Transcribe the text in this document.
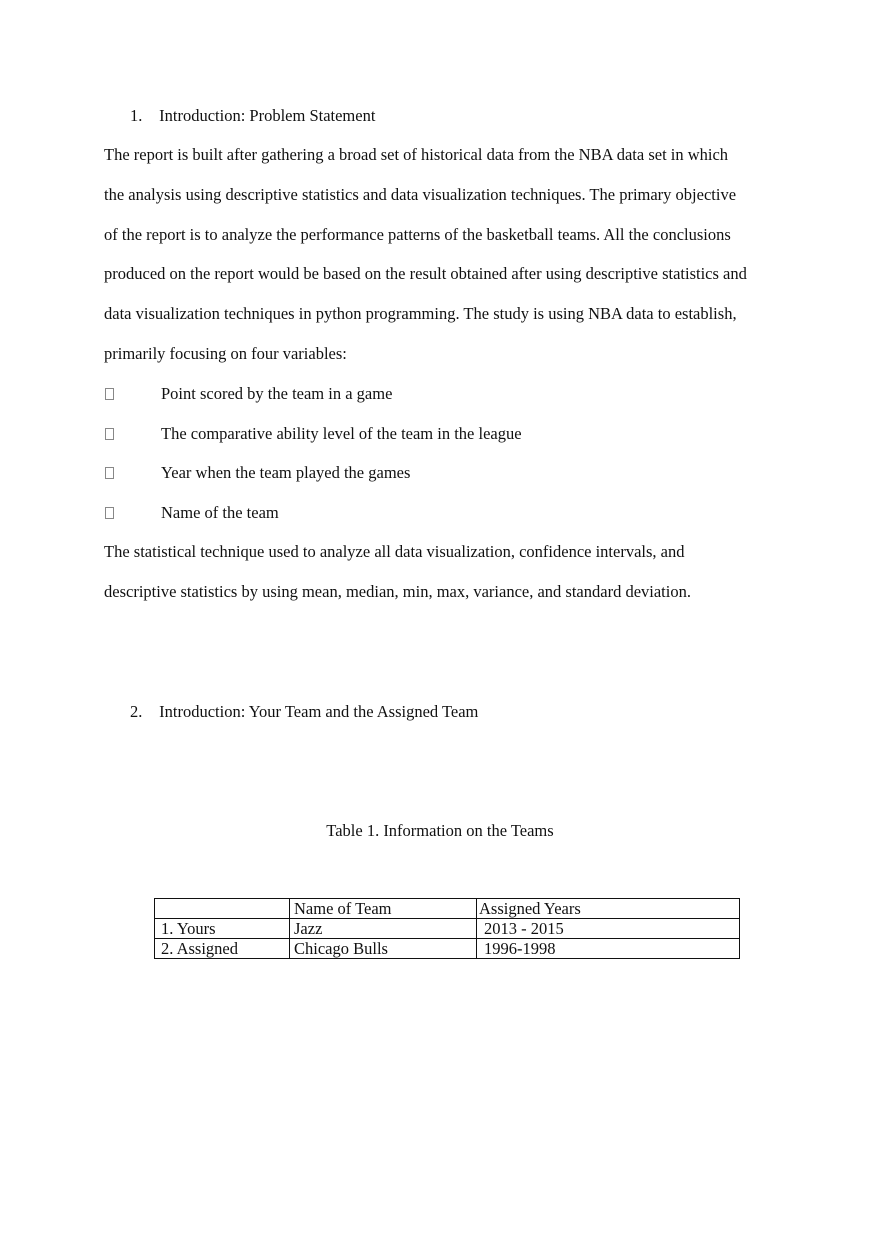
1. Introduction: Problem Statement
The report is built after gathering a broad set of historical data from the NBA data set in which
the analysis using descriptive statistics and data visualization techniques. The primary objective
of the report is to analyze the performance patterns of the basketball teams. All the conclusions
produced on the report would be based on the result obtained after using descriptive statistics and
data visualization techniques in python programming. The study is using NBA data to establish,
primarily focusing on four variables:
Point scored by the team in a game
The comparative ability level of the team in the league
Year when the team played the games
Name of the team
The statistical technique used to analyze all data visualization, confidence intervals, and
descriptive statistics by using mean, median, min, max, variance, and standard deviation.
2. Introduction: Your Team and the Assigned Team
Table 1. Information on the Teams
	Name of Team	Assigned Years
1. Yours	Jazz	2013 - 2015
2. Assigned	Chicago Bulls	1996-1998
